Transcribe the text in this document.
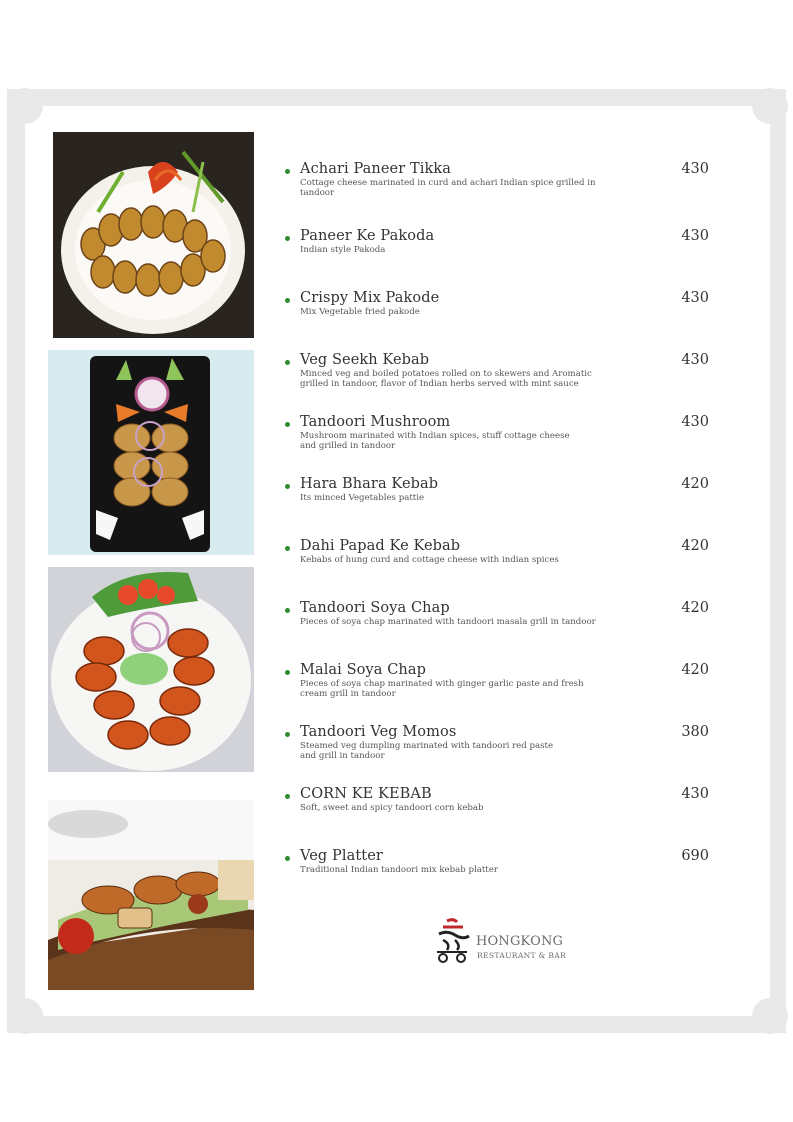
Achari Paneer Tikka	430
Cottage cheese marinated in curd and achari Indian spice grilled in
tandoor
Paneer Ke Pakoda	430
Indian style Pakoda
Crispy Mix Pakode	430
Mix Vegetable fried pakode
Veg Seekh Kebab	430
Minced veg and boiled potatoes rolled on to skewers and Aromatic
grilled in tandoor, flavor of Indian herbs served with mint sauce
Tandoori Mushroom	430
Mushroom marinated with Indian spices, stuff cottage cheese
and grilled in tandoor
Hara Bhara Kebab	420
Its minced Vegetables pattie
Dahi Papad Ke Kebab	420
Kebabs of hung curd and cottage cheese with indian spices
Tandoori Soya Chap	420
Pieces of soya chap marinated with tandoori masala grill in tandoor
Malai Soya Chap	420
Pieces of soya chap marinated with ginger garlic paste and fresh
cream grill in tandoor
Tandoori Veg Momos	380
Steamed veg dumpling marinated with tandoori red paste
and grill in tandoor
CORN KE KEBAB	430
Soft, sweet and spicy tandoori corn kebab
Veg Platter	690
Traditional Indian tandoori mix kebab platter
HONGKONG
RESTAURANT & BAR
